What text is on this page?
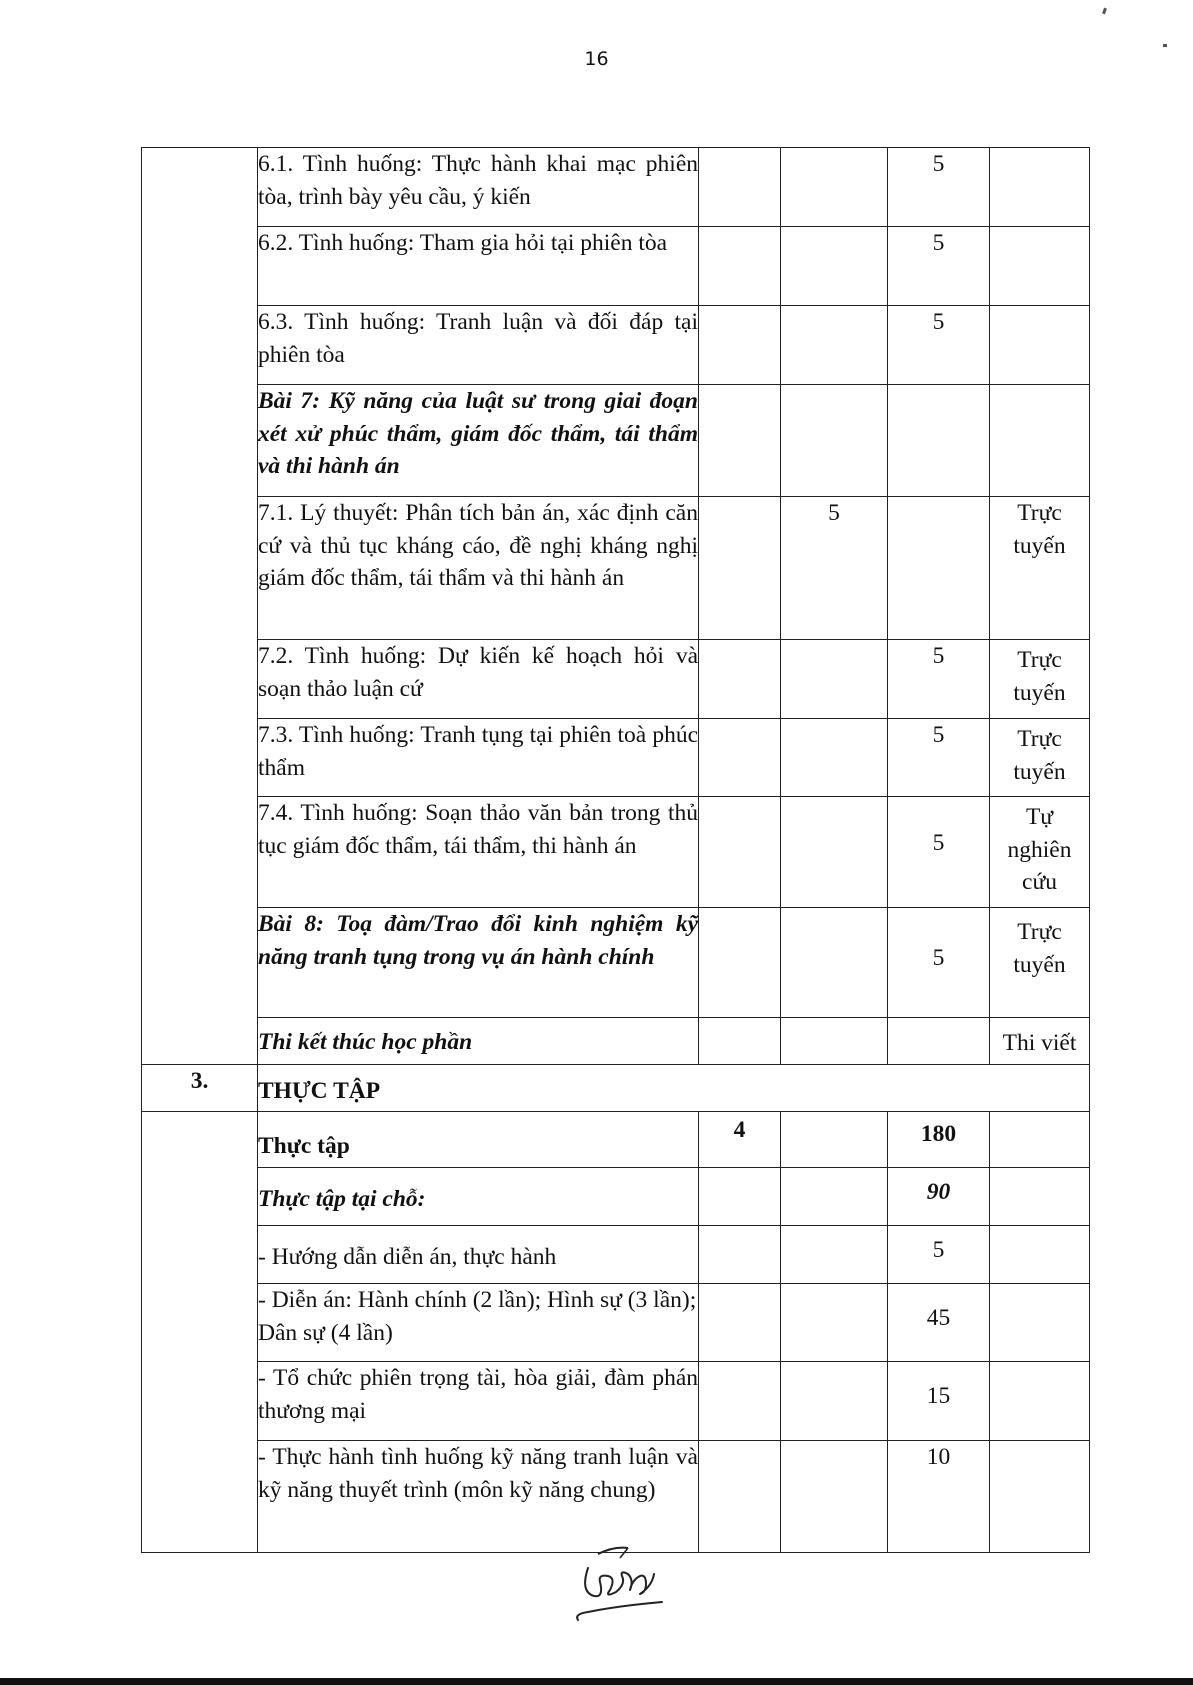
16
	6.1. Tình huống: Thực hành khai mạc phiên tòa, trình bày yêu cầu, ý kiến			5	
	6.2. Tình huống: Tham gia hỏi tại phiên tòa			5	
	6.3. Tình huống: Tranh luận và đối đáp tại phiên tòa			5	
	Bài 7: Kỹ năng của luật sư trong giai đoạn xét xử phúc thẩm, giám đốc thẩm, tái thẩm và thi hành án				
	7.1. Lý thuyết: Phân tích bản án, xác định căn cứ và thủ tục kháng cáo, đề nghị kháng nghị giám đốc thẩm, tái thẩm và thi hành án		5		Trực tuyến

	7.2. Tình huống: Dự kiến kế hoạch hỏi và soạn thảo luận cứ			5	Trực tuyến

	7.3. Tình huống: Tranh tụng tại phiên toà phúc thẩm			5	Trực tuyến

	7.4. Tình huống: Soạn thảo văn bản trong thủ tục giám đốc thẩm, tái thẩm, thi hành án			5	Tự nghiên cứu

	Bài 8: Toạ đàm/Trao đổi kinh nghiệm kỹ năng tranh tụng trong vụ án hành chính			5	Trực tuyến

	Thi kết thúc học phần				Thi viết
3.	THỰC TẬP				
	Thực tập	4		180	
	Thực tập tại chỗ:			90	
	- Hướng dẫn diễn án, thực hành			5	
	- Diễn án: Hành chính (2 lần); Hình sự (3 lần); Dân sự (4 lần)			45	
	- Tổ chức phiên trọng tài, hòa giải, đàm phán thương mại			15	
	- Thực hành tình huống kỹ năng tranh luận và kỹ năng thuyết trình (môn kỹ năng chung)			10	
